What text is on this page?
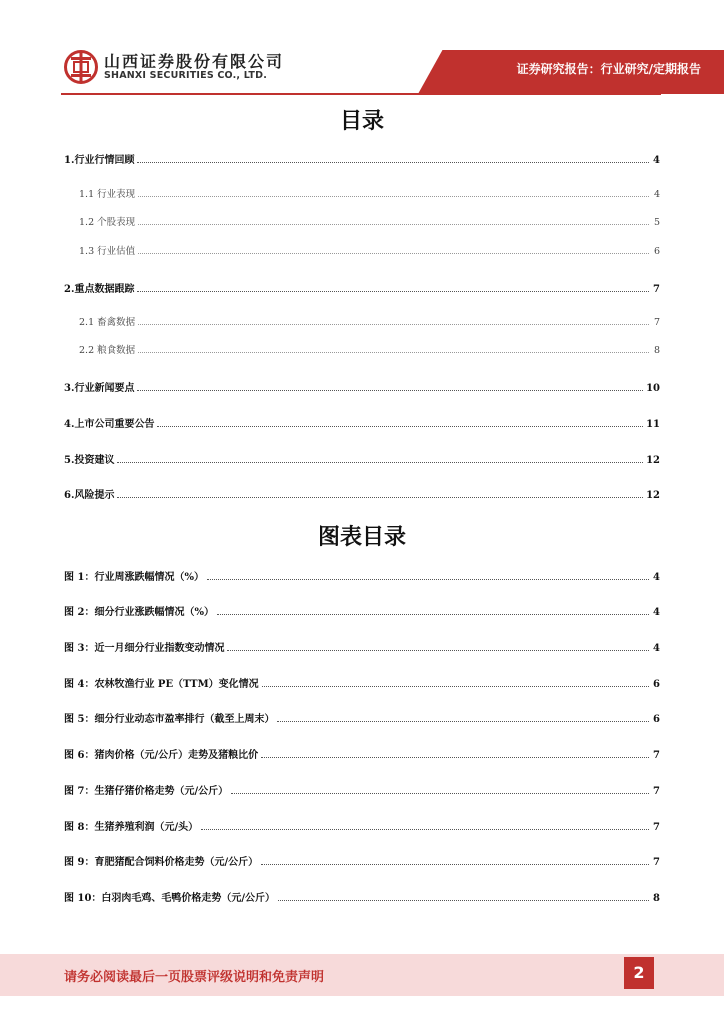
山西证券股份有限公司
SHANXI SECURITIES CO., LTD.	证券研究报告：行业研究/定期报告
目录
1.行业行情回顾	4
1.1 行业表现	4
1.2 个股表现	5
1.3 行业估值	6
2.重点数据跟踪	7
2.1 畜禽数据	7
2.2 粮食数据	8
3.行业新闻要点	10
4.上市公司重要公告	11
5.投资建议	12
6.风险提示	12
图表目录
图 1：行业周涨跌幅情况（%）	4
图 2：细分行业涨跌幅情况（%）	4
图 3：近一月细分行业指数变动情况	4
图 4：农林牧渔行业 PE（TTM）变化情况	6
图 5：细分行业动态市盈率排行（截至上周末）	6
图 6：猪肉价格（元/公斤）走势及猪粮比价	7
图 7：生猪仔猪价格走势（元/公斤）	7
图 8：生猪养殖利润（元/头）	7
图 9：育肥猪配合饲料价格走势（元/公斤）	7
图 10：白羽肉毛鸡、毛鸭价格走势（元/公斤）	8
请务必阅读最后一页股票评级说明和免责声明	2
